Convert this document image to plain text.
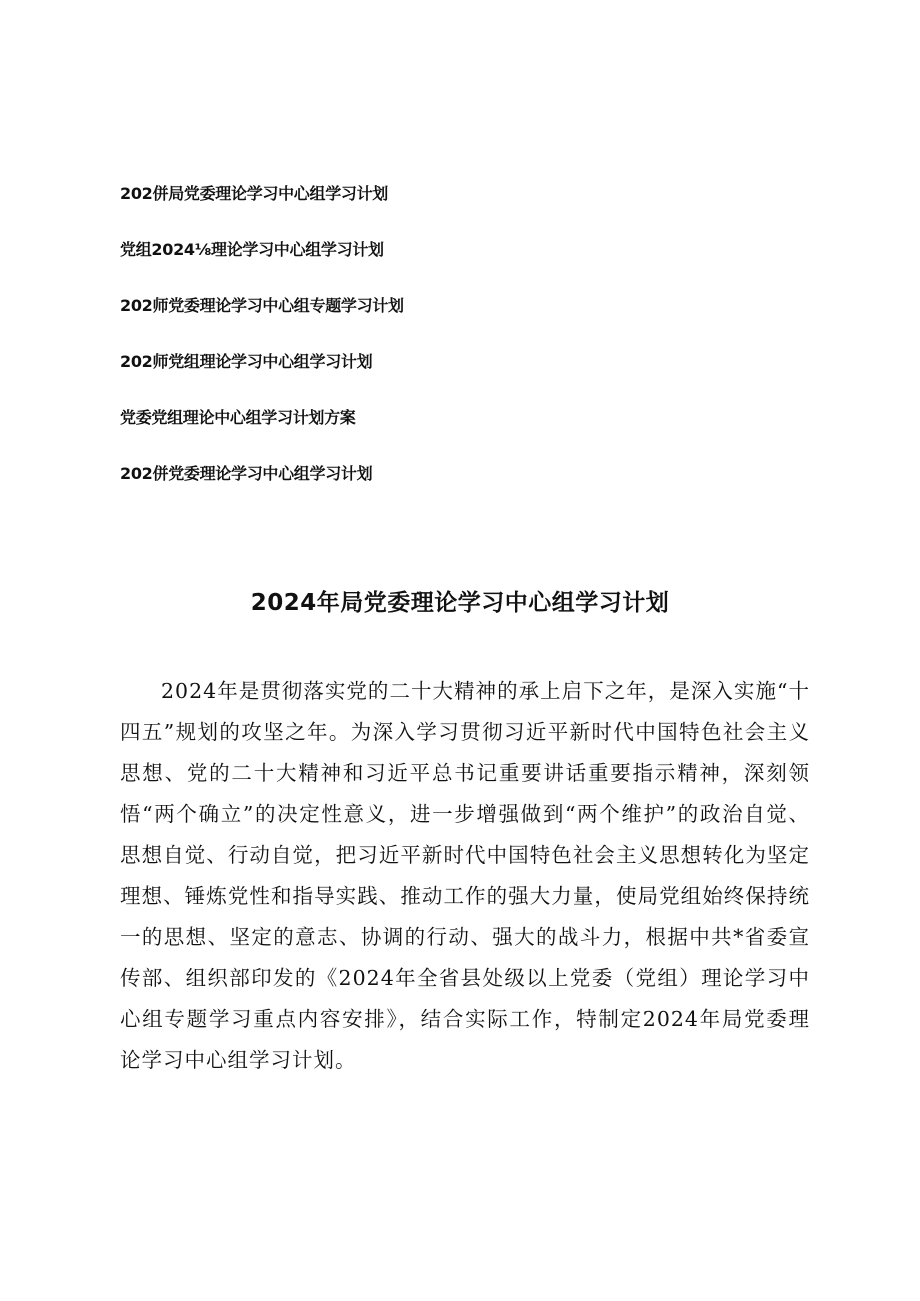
202併局党委理论学习中心组学习计划

党组2024⅛理论学习中心组学习计划

202师党委理论学习中心组专题学习计划

202师党组理论学习中心组学习计划

党委党组理论中心组学习计划方案

202併党委理论学习中心组学习计划

2024年局党委理论学习中心组学习计划

2024年是贯彻落实党的二十大精神的承上启下之年，是深入实施“十四五”规划的攻坚之年。为深入学习贯彻习近平新时代中国特色社会主义思想、党的二十大精神和习近平总书记重要讲话重要指示精神，深刻领悟“两个确立”的决定性意义，进一步增强做到“两个维护”的政治自觉、思想自觉、行动自觉，把习近平新时代中国特色社会主义思想转化为坚定理想、锤炼党性和指导实践、推动工作的强大力量，使局党组始终保持统一的思想、坚定的意志、协调的行动、强大的战斗力，根据中共*省委宣传部、组织部印发的《2024年全省县处级以上党委（党组）理论学习中心组专题学习重点内容安排》，结合实际工作，特制定2024年局党委理论学习中心组学习计划。
